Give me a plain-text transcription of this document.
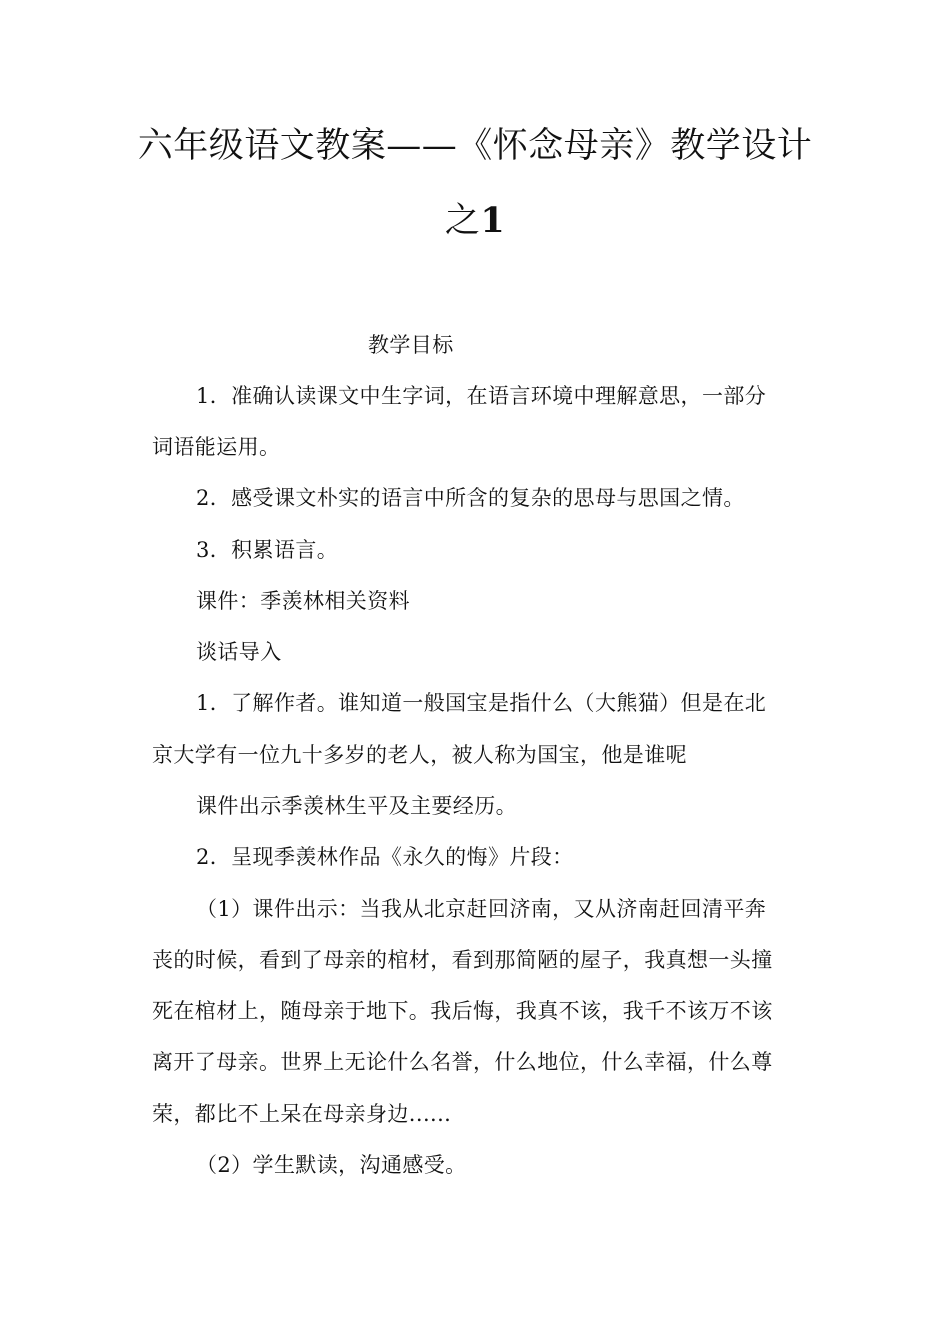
六年级语文教案——《怀念母亲》教学设计
之1
教学目标
1．准确认读课文中生字词，在语言环境中理解意思，一部分
词语能运用。
2．感受课文朴实的语言中所含的复杂的思母与思国之情。
3．积累语言。
课件：季羡林相关资料
谈话导入
1．了解作者。谁知道一般国宝是指什么（大熊猫）但是在北
京大学有一位九十多岁的老人，被人称为国宝，他是谁呢
课件出示季羡林生平及主要经历。
2．呈现季羡林作品《永久的悔》片段：
（1）课件出示：当我从北京赶回济南，又从济南赶回清平奔
丧的时候，看到了母亲的棺材，看到那简陋的屋子，我真想一头撞
死在棺材上，随母亲于地下。我后悔，我真不该，我千不该万不该
离开了母亲。世界上无论什么名誉，什么地位，什么幸福，什么尊
荣，都比不上呆在母亲身边......
（2）学生默读，沟通感受。
